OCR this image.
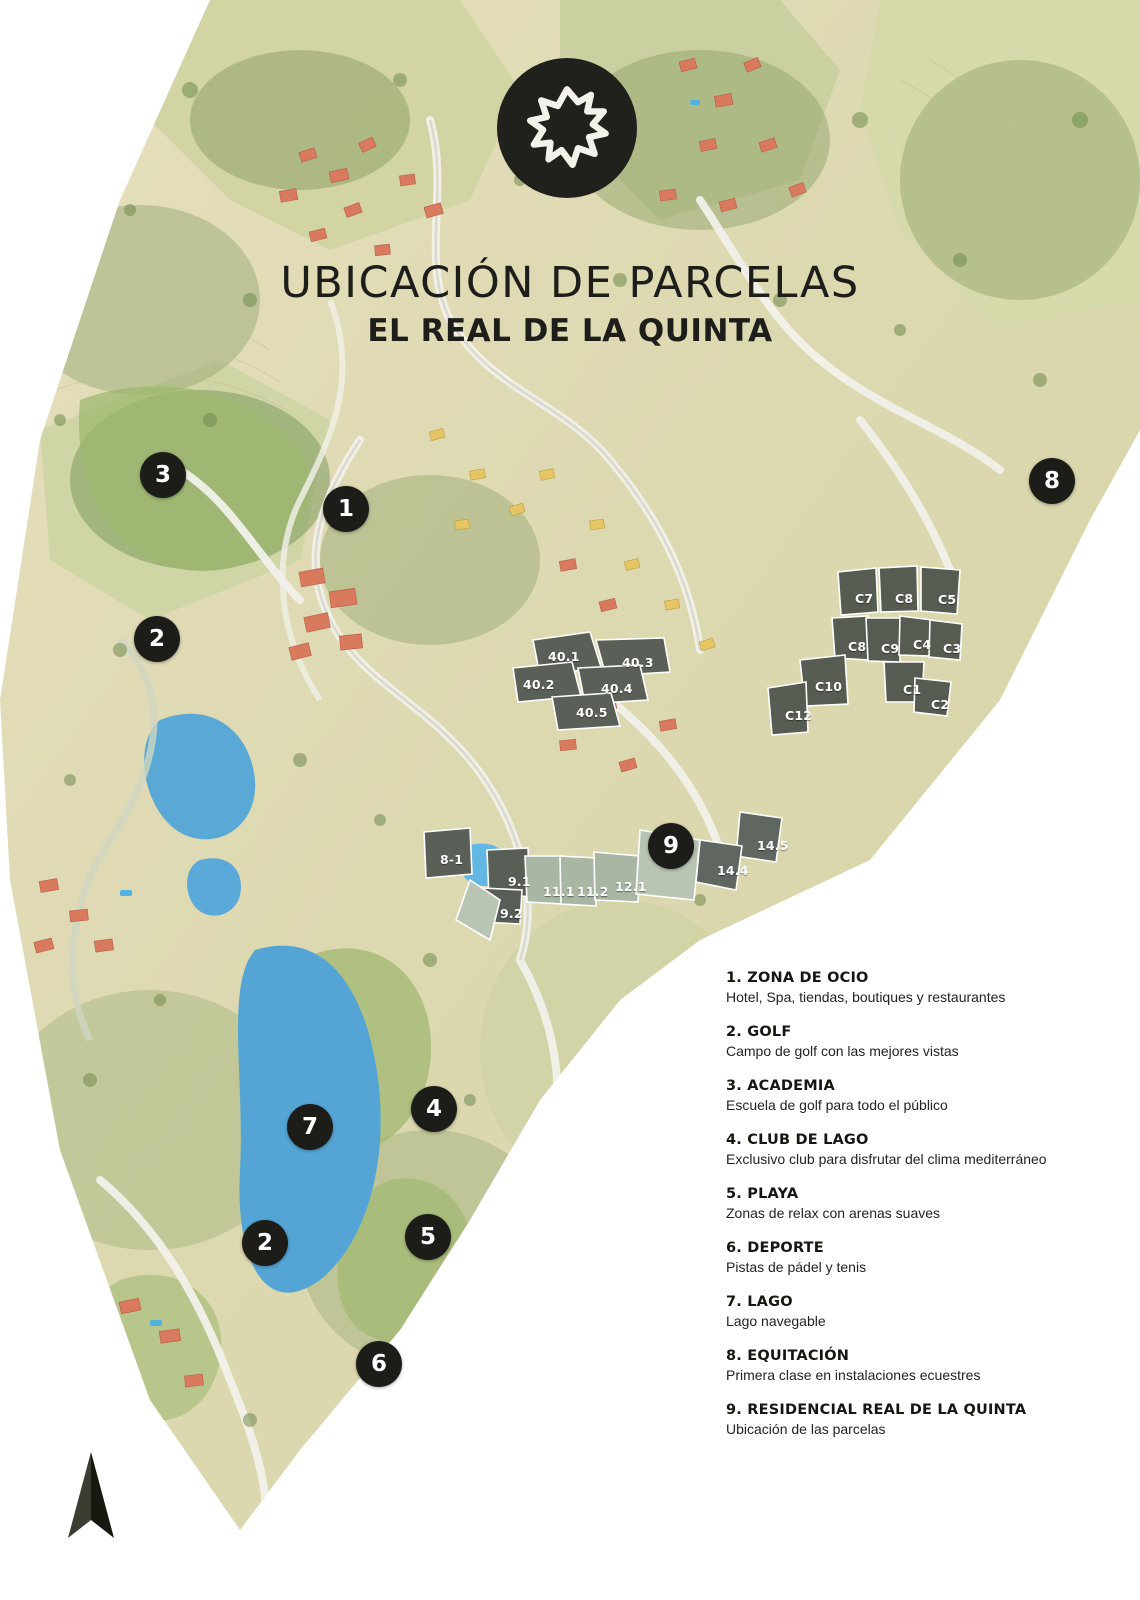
UBICACIÓN DE PARCELAS
EL REAL DE LA QUINTA
3
1
8
2
9
4
7
5
2
6
40.1	40.3
40.2	40.4
40.5
C7 C8 C5
C8 C9 C4 C3
C10	C1
C2
C12
14.5
14.4
8-1
9.1
11.1 11.2 12.1
9.2
1. ZONA DE OCIO
Hotel, Spa, tiendas, boutiques y restaurantes
2. GOLF
Campo de golf con las mejores vistas
3. ACADEMIA
Escuela de golf para todo el público
4. CLUB DE LAGO
Exclusivo club para disfrutar del clima mediterráneo
5. PLAYA
Zonas de relax con arenas suaves
6. DEPORTE
Pistas de pádel y tenis
7. LAGO
Lago navegable
8. EQUITACIÓN
Primera clase en instalaciones ecuestres
9. RESIDENCIAL REAL DE LA QUINTA
Ubicación de las parcelas
